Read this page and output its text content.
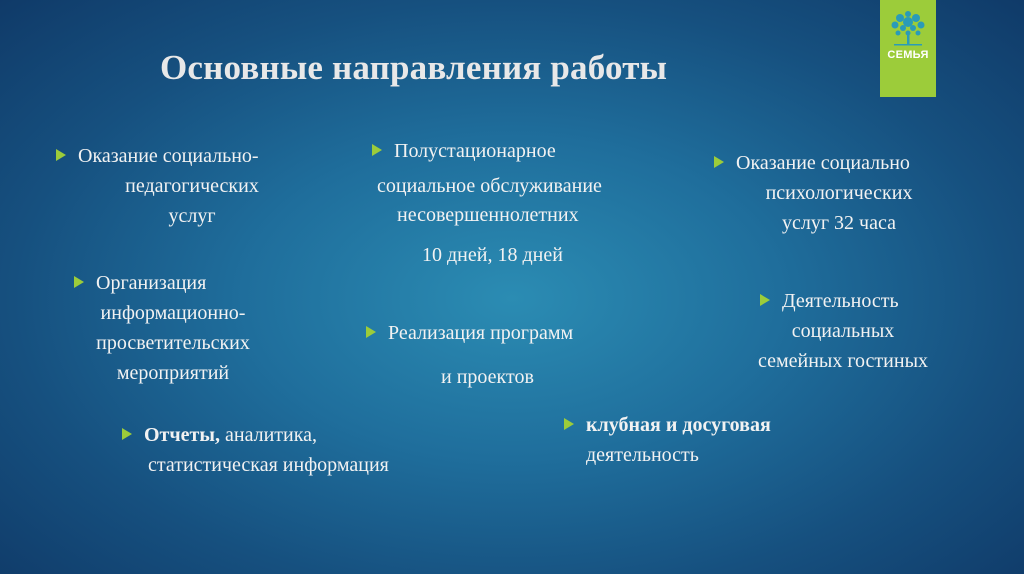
Основные направления работы	СЕМЬЯ
Оказание социально-
педагогических
услуг
Организация
информационно-
просветительских
мероприятий
Отчеты, аналитика,
статистическая информация
Полустационарное
социальное обслуживание
несовершеннолетних
10 дней, 18 дней
Реализация программ
и проектов
клубная и досуговая
деятельность
Оказание социально
психологических
услуг 32 часа
Деятельность
социальных
семейных гостиных
